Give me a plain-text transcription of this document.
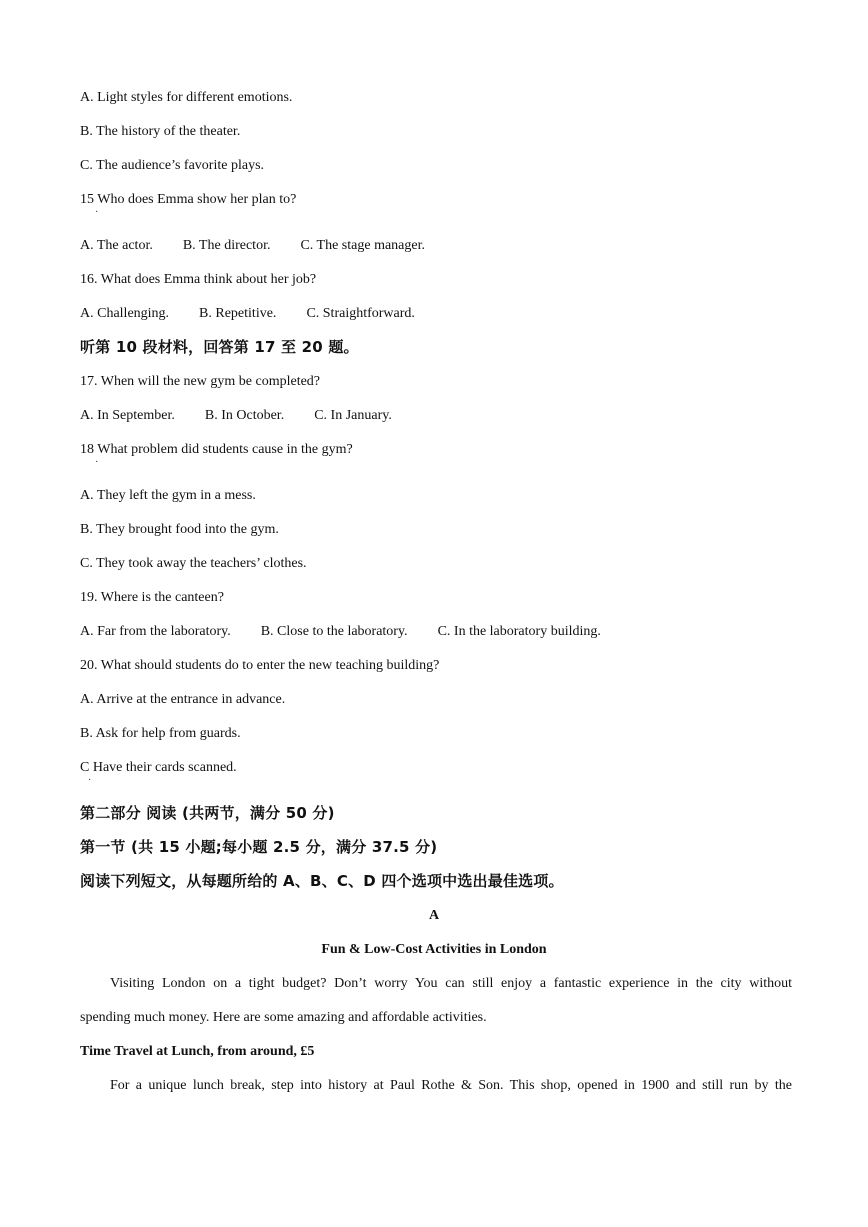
A. Light styles for different emotions.
B. The history of the theater.
C. The audience’s favorite plays.
15 Who does Emma show her plan to?
·
A. The actor. B. The director. C. The stage manager.
16. What does Emma think about her job?
A. Challenging. B. Repetitive. C. Straightforward.
听第 10 段材料，回答第 17 至 20 题。
17. When will the new gym be completed?
A. In September. B. In October. C. In January.
18 What problem did students cause in the gym?
·
A. They left the gym in a mess.
B. They brought food into the gym.
C. They took away the teachers’ clothes.
19. Where is the canteen?
A. Far from the laboratory. B. Close to the laboratory. C. In the laboratory building.
20. What should students do to enter the new teaching building?
A. Arrive at the entrance in advance.
B. Ask for help from guards.
C Have their cards scanned.
·
第二部分 阅读 (共两节，满分 50 分)
第一节 (共 15 小题;每小题 2.5 分，满分 37.5 分)
阅读下列短文，从每题所给的 A、B、C、D 四个选项中选出最佳选项。
A
Fun & Low-Cost Activities in London
Visiting London on a tight budget? Don’t worry You can still enjoy a fantastic experience in the city without
spending much money. Here are some amazing and affordable activities.
Time Travel at Lunch, from around, £5
For a unique lunch break, step into history at Paul Rothe & Son. This shop, opened in 1900 and still run by the
